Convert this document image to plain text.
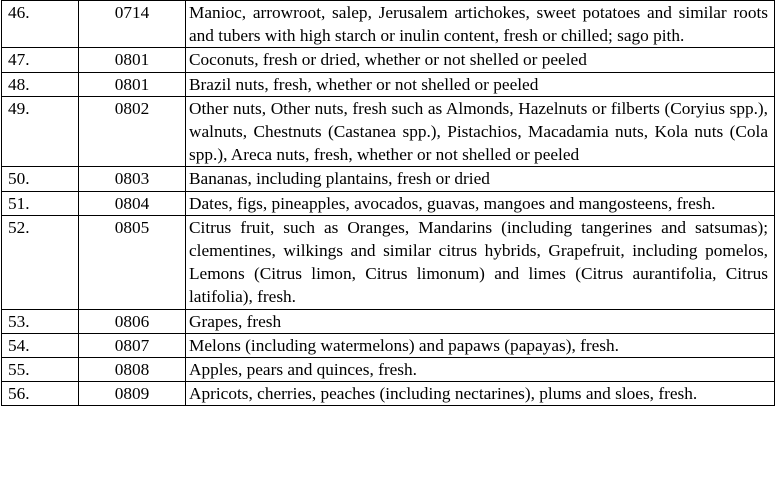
46.	0714	Manioc, arrowroot, salep, Jerusalem artichokes, sweet potatoes and similar roots and tubers with high starch or inulin content, fresh or chilled; sago pith.
47.	0801	Coconuts, fresh or dried, whether or not shelled or peeled
48.	0801	Brazil nuts, fresh, whether or not shelled or peeled
49.	0802	Other nuts, Other nuts, fresh such as Almonds, Hazelnuts or filberts (Coryius spp.), walnuts, Chestnuts (Castanea spp.), Pistachios, Macadamia nuts, Kola nuts (Cola spp.), Areca nuts, fresh, whether or not shelled or peeled
50.	0803	Bananas, including plantains, fresh or dried
51.	0804	Dates, figs, pineapples, avocados, guavas, mangoes and mangosteens, fresh.
52.	0805	Citrus fruit, such as Oranges, Mandarins (including tangerines and satsumas); clementines, wilkings and similar citrus hybrids, Grapefruit, including pomelos, Lemons (Citrus limon, Citrus limonum) and limes (Citrus aurantifolia, Citrus latifolia), fresh.
53.	0806	Grapes, fresh
54.	0807	Melons (including watermelons) and papaws (papayas), fresh.
55.	0808	Apples, pears and quinces, fresh.
56.	0809	Apricots, cherries, peaches (including nectarines), plums and sloes, fresh.
